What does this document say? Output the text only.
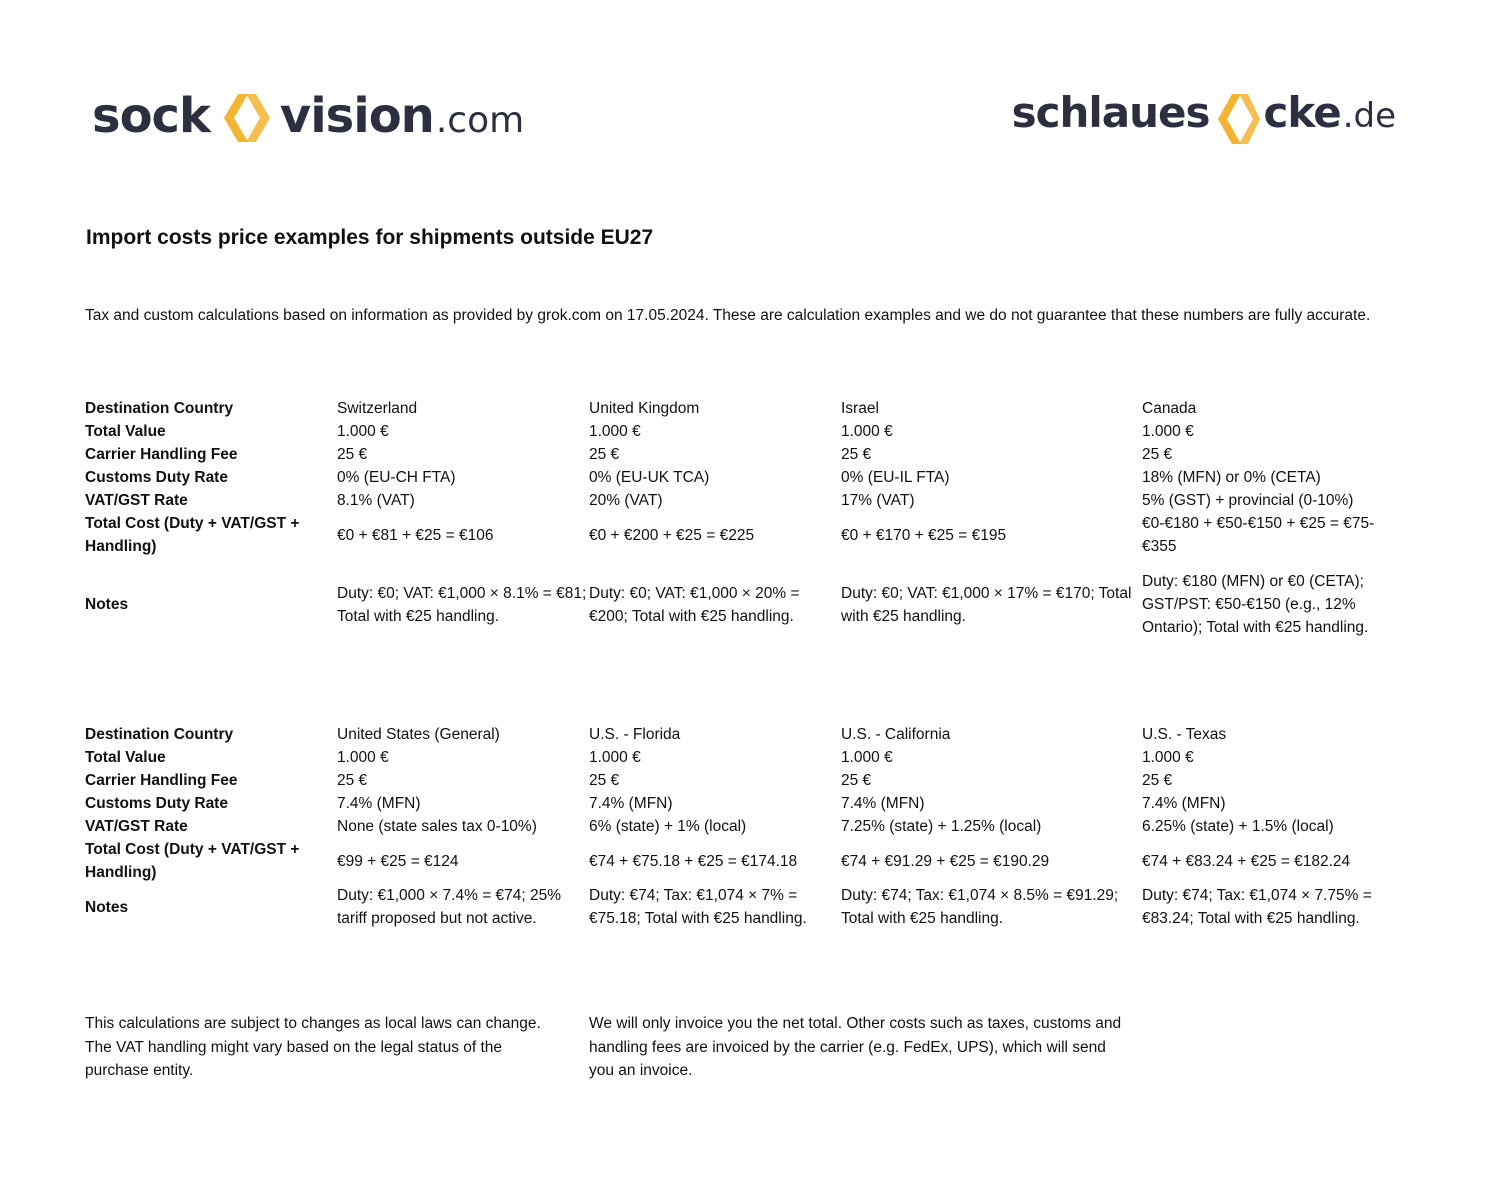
sock vision .com	schlaues cke .de
Import costs price examples for shipments outside EU27

Tax and custom calculations based on information as provided by grok.com on 17.05.2024. These are calculation examples and we do not guarantee that these numbers are fully accurate.

Destination Country	Switzerland	United Kingdom	Israel	Canada
Total Value	1.000 €	1.000 €	1.000 €	1.000 €
Carrier Handling Fee	25 €	25 €	25 €	25 €
Customs Duty Rate	0% (EU-CH FTA)	0% (EU-UK TCA)	0% (EU-IL FTA)	18% (MFN) or 0% (CETA)
VAT/GST Rate	8.1% (VAT)	20% (VAT)	17% (VAT)	5% (GST) + provincial (0-10%)
Total Cost (Duty + VAT/GST + Handling)	€0 + €81 + €25 = €106	€0 + €200 + €25 = €225	€0 + €170 + €25 = €195	€0-€180 + €50-€150 + €25 = €75-€355
Notes	Duty: €0; VAT: €1,000 × 8.1% = €81; Total with €25 handling.	Duty: €0; VAT: €1,000 × 20% = €200; Total with €25 handling.	Duty: €0; VAT: €1,000 × 17% = €170; Total with €25 handling.	Duty: €180 (MFN) or €0 (CETA); GST/PST: €50-€150 (e.g., 12% Ontario); Total with €25 handling.
Destination Country	United States (General)	U.S. - Florida	U.S. - California	U.S. - Texas
Total Value	1.000 €	1.000 €	1.000 €	1.000 €
Carrier Handling Fee	25 €	25 €	25 €	25 €
Customs Duty Rate	7.4% (MFN)	7.4% (MFN)	7.4% (MFN)	7.4% (MFN)
VAT/GST Rate	None (state sales tax 0-10%)	6% (state) + 1% (local)	7.25% (state) + 1.25% (local)	6.25% (state) + 1.5% (local)
Total Cost (Duty + VAT/GST + Handling)	€99 + €25 = €124	€74 + €75.18 + €25 = €174.18	€74 + €91.29 + €25 = €190.29	€74 + €83.24 + €25 = €182.24
Notes	Duty: €1,000 × 7.4% = €74; 25% tariff proposed but not active.	Duty: €74; Tax: €1,074 × 7% = €75.18; Total with €25 handling.	Duty: €74; Tax: €1,074 × 8.5% = €91.29; Total with €25 handling.	Duty: €74; Tax: €1,074 × 7.75% = €83.24; Total with €25 handling.

This calculations are subject to changes as local laws can change. The VAT handling might vary based on the legal status of the purchase entity.

We will only invoice you the net total. Other costs such as taxes, customs and handling fees are invoiced by the carrier (e.g. FedEx, UPS), which will send you an invoice.
